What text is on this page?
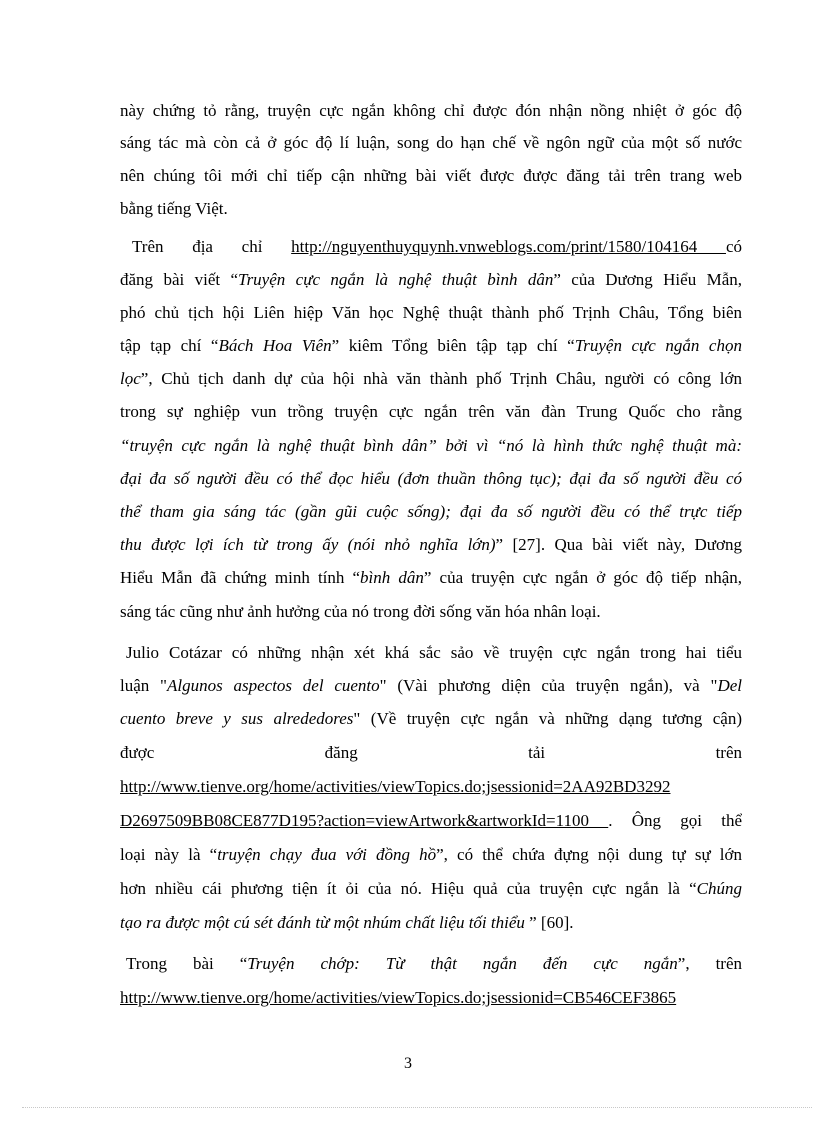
này chứng tỏ rằng, truyện cực ngắn không chỉ được đón nhận nồng nhiệt ở góc độ
sáng tác mà còn cả ở góc độ lí luận, song do hạn chế về ngôn ngữ của một số nước
nên chúng tôi mới chỉ tiếp cận những bài viết được được đăng tải trên trang web
bằng tiếng Việt.
Trên địa chỉ http://nguyenthuyquynh.vnweblogs.com/print/1580/104164 có
đăng bài viết “Truyện cực ngắn là nghệ thuật bình dân” của Dương Hiểu Mẫn,
phó chủ tịch hội Liên hiệp Văn học Nghệ thuật thành phố Trịnh Châu, Tổng biên
tập tạp chí “Bách Hoa Viên” kiêm Tổng biên tập tạp chí “Truyện cực ngắn chọn
lọc”, Chủ tịch danh dự của hội nhà văn thành phố Trịnh Châu, người có công lớn
trong sự nghiệp vun trồng truyện cực ngắn trên văn đàn Trung Quốc cho rằng
“truyện cực ngắn là nghệ thuật bình dân” bởi vì “nó là hình thức nghệ thuật mà:
đại đa số người đều có thể đọc hiểu (đơn thuần thông tục); đại đa số người đều có
thể tham gia sáng tác (gần gũi cuộc sống); đại đa số người đều có thể trực tiếp
thu được lợi ích từ trong ấy (nói nhỏ nghĩa lớn)” [27]. Qua bài viết này, Dương
Hiểu Mẫn đã chứng minh tính “bình dân” của truyện cực ngắn ở góc độ tiếp nhận,
sáng tác cũng như ảnh hưởng của nó trong đời sống văn hóa nhân loại.
Julio Cotázar có những nhận xét khá sắc sảo về truyện cực ngắn trong hai tiểu
luận "Algunos aspectos del cuento" (Vài phương diện của truyện ngắn), và "Del
cuento breve y sus alrededores" (Về truyện cực ngắn và những dạng tương cận)
được	đăng	tải	trên
http://www.tienve.org/home/activities/viewTopics.do;jsessionid=2AA92BD3292
D2697509BB08CE877D195?action=viewArtwork&artworkId=1100 . Ông gọi thể
loại này là “truyện chạy đua với đồng hồ”, có thể chứa đựng nội dung tự sự lớn
hơn nhiều cái phương tiện ít ỏi của nó. Hiệu quả của truyện cực ngắn là “Chúng
tạo ra được một cú sét đánh từ một nhúm chất liệu tối thiểu ” [60].
Trong bài “Truyện chớp: Từ thật ngắn đến cực ngắn”, trên
http://www.tienve.org/home/activities/viewTopics.do;jsessionid=CB546CEF3865
3
